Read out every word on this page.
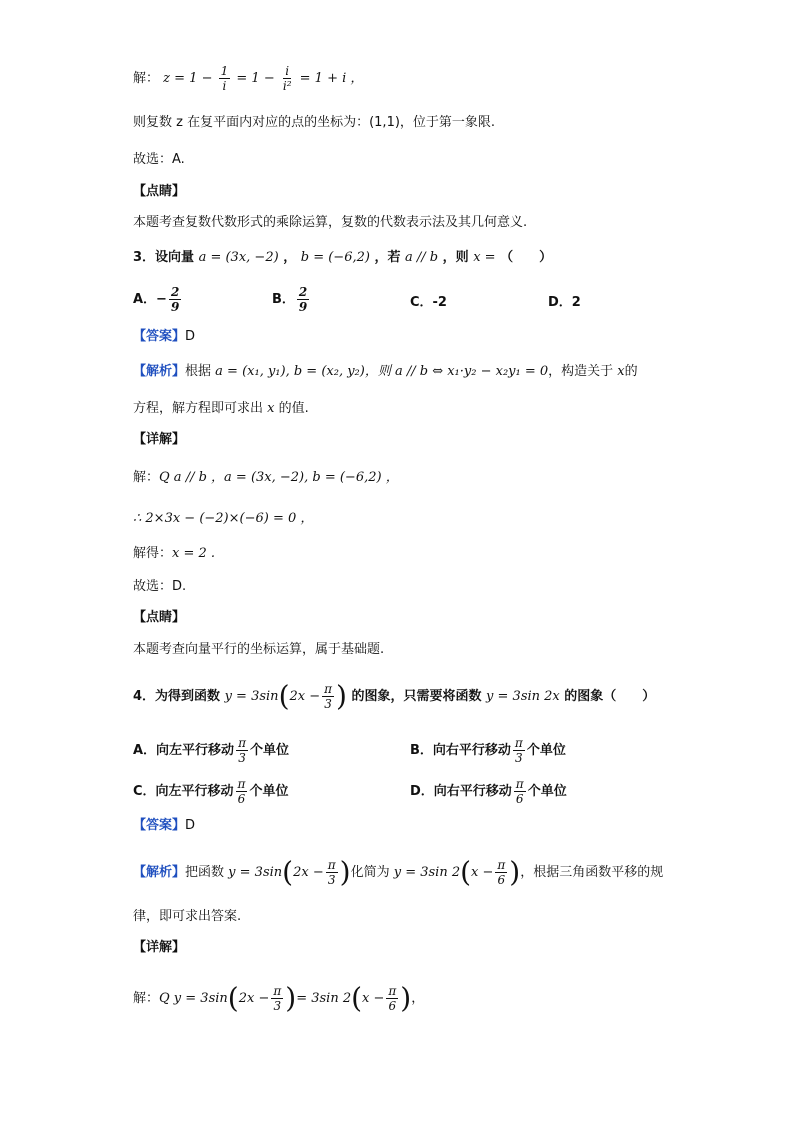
解： $z = 1 - \frac{1}{i} = 1 - \frac{i}{\text{i²}} = 1 + i$ ，
则复数 z 在复平面内对应的点的坐标为：(1,1)，位于第一象限.
故选：A.
【点睛】
本题考查复数代数形式的乘除运算，复数的代数表示法及其几何意义.
3．设向量 a = (3x, −2) ， b = (−6,2) ，若 a // b ，则 x = （　　）
A．− $\frac{2}{9}$	B． $\frac{2}{9}$	C．-2	D．2
【答案】D
【解析】根据 a = (x₁, y₁), b = (x₂, y₂)，则 a // b ⇔ x₁·y₂ − x₂y₁ = 0，构造关于 x的
方程，解方程即可求出 x 的值.
【详解】
解：Q a // b ，a = (3x, −2), b = (−6,2) ，
∴ 2×3x − (−2)×(−6) = 0 ，
解得：x = 2 .
故选：D.
【点睛】
本题考查向量平行的坐标运算，属于基础题.
4．为得到函数 $y = 3\sin(2x - \frac{\pi}{3}$ ) 的图象，只需要将函数 y = 3sin 2x 的图象（　　）
A．向左平行移动 $\frac{\pi}{3}$ 个单位	B．向右平行移动 $\frac{\pi}{3}$ 个单位
C．向左平行移动 $\frac{\pi}{6}$ 个单位	D．向右平行移动 $\frac{\pi}{6}$ 个单位
【答案】D
【解析】把函数 $y = 3\sin(2x - \frac{\pi}{3}$ )化简为 y = 3sin $2(x - \frac{\pi}{6}$ )，根据三角函数平移的规
律，即可求出答案.
【详解】
解：Q $y = 3\sin(2x - \frac{\pi}{3}$ )= 3sin $2(x - \frac{\pi}{6}$ )，
